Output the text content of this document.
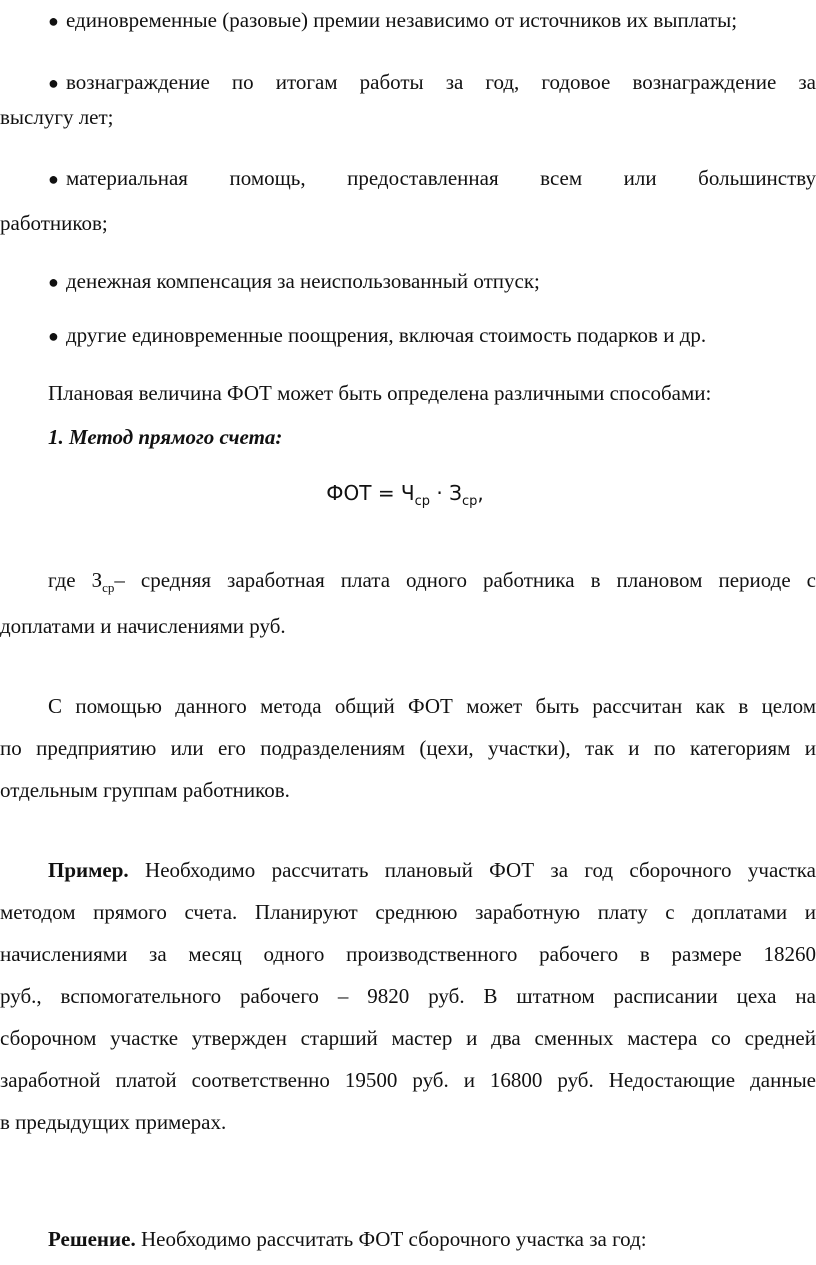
● единовременные (разовые) премии независимо от источников их выплаты;
● вознаграждение по итогам работы за год, годовое вознаграждение за
выслугу лет;
● материальная помощь, предоставленная всем или большинству
работников;
● денежная компенсация за неиспользованный отпуск;
● другие единовременные поощрения, включая стоимость подарков и др.
Плановая величина ФОТ может быть определена различными способами:
1. Метод прямого счета:
ФОТ = $Ч_{ср} \cdot З_{ср}$,
где $З_{ср}-$ средняя заработная плата одного работника в плановом периоде с
доплатами и начислениями руб.
С помощью данного метода общий ФОТ может быть рассчитан как в целом
по предприятию или его подразделениям (цехи, участки), так и по категориям и
отдельным группам работников.
Пример. Необходимо рассчитать плановый ФОТ за год сборочного участка
методом прямого счета. Планируют среднюю заработную плату с доплатами и
начислениями за месяц одного производственного рабочего в размере 18260
руб., вспомогательного рабочего – 9820 руб. В штатном расписании цеха на
сборочном участке утвержден старший мастер и два сменных мастера со средней
заработной платой соответственно 19500 руб. и 16800 руб. Недостающие данные
в предыдущих примерах.
Решение. Необходимо рассчитать ФОТ сборочного участка за год:
